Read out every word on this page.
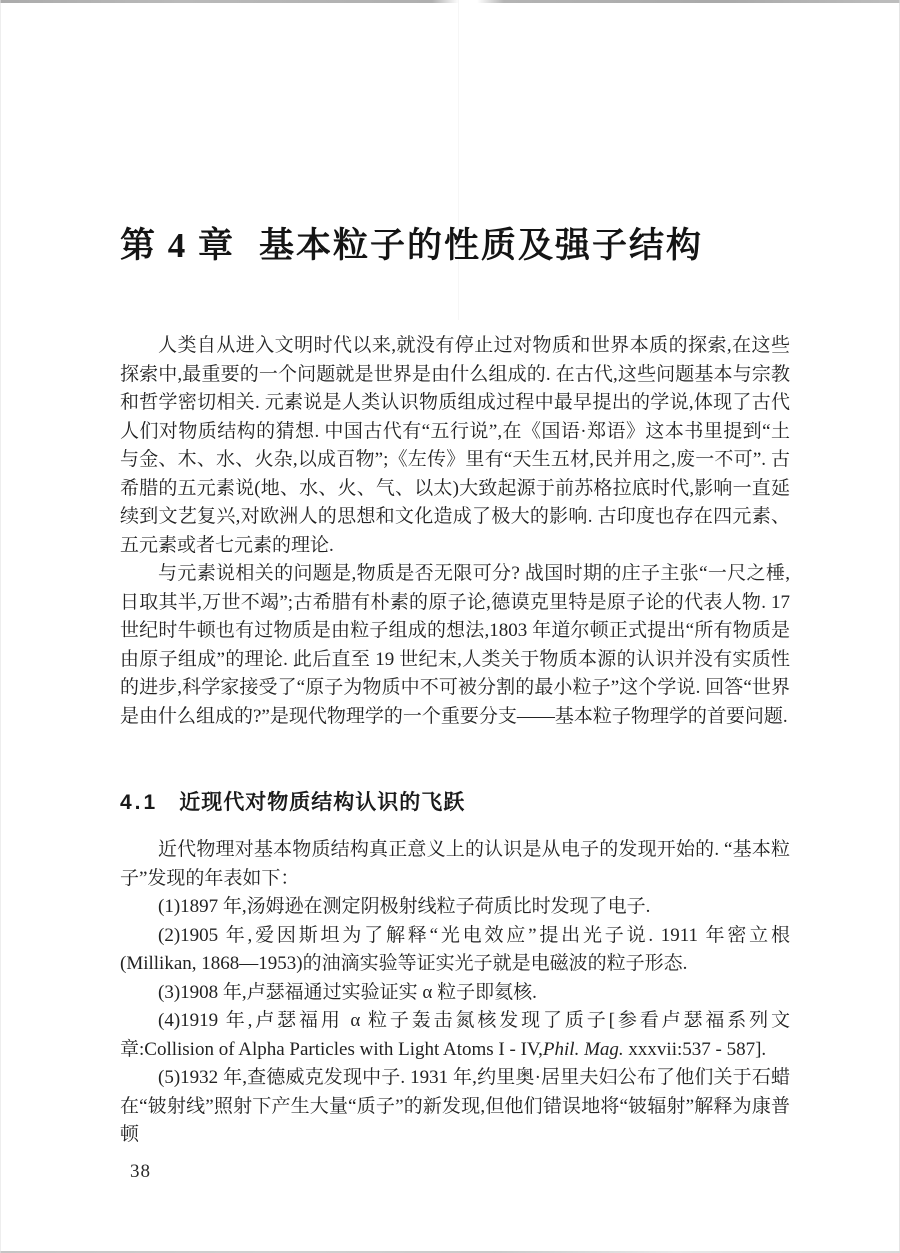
第 4 章 基本粒子的性质及强子结构

人类自从进入文明时代以来,就没有停止过对物质和世界本质的探索,在这些探索中,最重要的一个问题就是世界是由什么组成的. 在古代,这些问题基本与宗教和哲学密切相关. 元素说是人类认识物质组成过程中最早提出的学说,体现了古代人们对物质结构的猜想. 中国古代有“五行说”,在《国语·郑语》这本书里提到“土与金、木、水、火杂,以成百物”;《左传》里有“天生五材,民并用之,废一不可”. 古希腊的五元素说(地、水、火、气、以太)大致起源于前苏格拉底时代,影响一直延续到文艺复兴,对欧洲人的思想和文化造成了极大的影响. 古印度也存在四元素、五元素或者七元素的理论.

与元素说相关的问题是,物质是否无限可分? 战国时期的庄子主张“一尺之棰,日取其半,万世不竭”;古希腊有朴素的原子论,德谟克里特是原子论的代表人物. 17 世纪时牛顿也有过物质是由粒子组成的想法,1803 年道尔顿正式提出“所有物质是由原子组成”的理论. 此后直至 19 世纪末,人类关于物质本源的认识并没有实质性的进步,科学家接受了“原子为物质中不可被分割的最小粒子”这个学说. 回答“世界是由什么组成的?”是现代物理学的一个重要分支——基本粒子物理学的首要问题.

4.1 近现代对物质结构认识的飞跃

近代物理对基本物质结构真正意义上的认识是从电子的发现开始的. “基本粒子”发现的年表如下：

(1)1897 年,汤姆逊在测定阴极射线粒子荷质比时发现了电子.

(2)1905 年,爱因斯坦为了解释“光电效应”提出光子说. 1911 年密立根(Millikan, 1868—1953)的油滴实验等证实光子就是电磁波的粒子形态.

(3)1908 年,卢瑟福通过实验证实 α 粒子即氦核.

(4)1919 年,卢瑟福用 α 粒子轰击氮核发现了质子[参看卢瑟福系列文章:Collision of Alpha Particles with Light Atoms I - IV,Phil. Mag. xxxvii:537 - 587].

(5)1932 年,查德威克发现中子. 1931 年,约里奥·居里夫妇公布了他们关于石蜡在“铍射线”照射下产生大量“质子”的新发现,但他们错误地将“铍辐射”解释为康普顿

38
